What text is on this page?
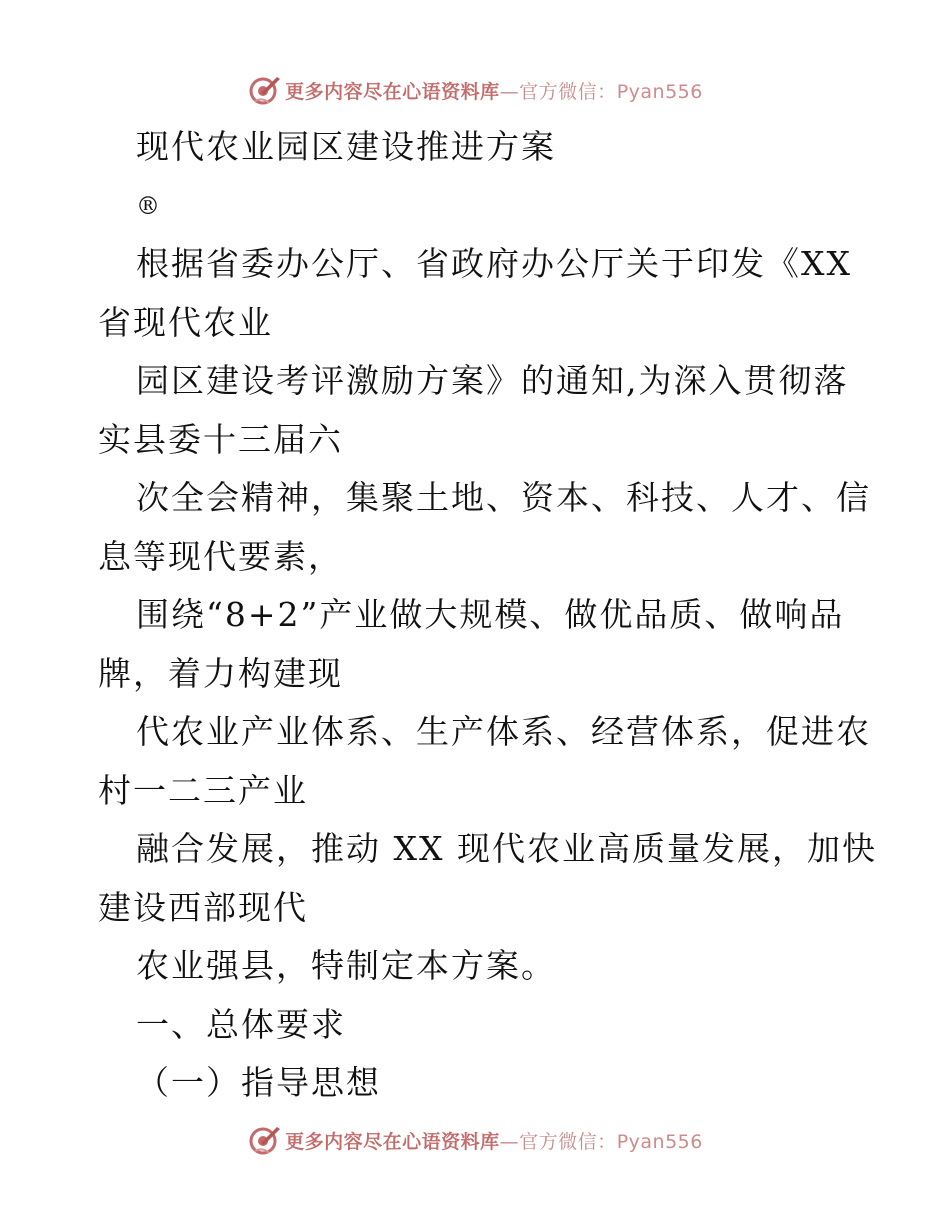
更多内容尽在心语资料库—官方微信：Pyan556
现代农业园区建设推进方案
®
根据省委办公厅、省政府办公厅关于印发《XX
省现代农业
园区建设考评激励方案》的通知,为深入贯彻落
实县委十三届六
次全会精神，集聚土地、资本、科技、人才、信
息等现代要素，
围绕“8+2”产业做大规模、做优品质、做响品
牌，着力构建现
代农业产业体系、生产体系、经营体系，促进农
村一二三产业
融合发展，推动 XX 现代农业高质量发展，加快
建设西部现代
农业强县，特制定本方案。
一、总体要求
（一）指导思想
更多内容尽在心语资料库—官方微信：Pyan556
